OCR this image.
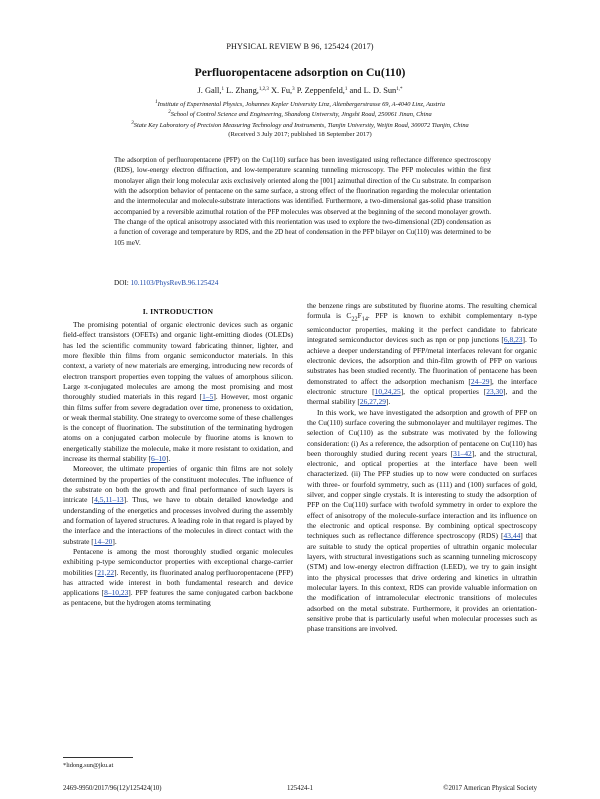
PHYSICAL REVIEW B 96, 125424 (2017)
Perfluoropentacene adsorption on Cu(110)
J. Gall,$^1$ L. Zhang,$^{1,2,3}$ X. Fu,$^3$ P. Zeppenfeld,$^1$ and L. D. Sun$^{1,*}$
$^1$Institute of Experimental Physics, Johannes Kepler University Linz, Altenbergerstrasse 69, A-4040 Linz, Austria
$^2$School of Control Science and Engineering, Shandong University, Jingshi Road, 250061 Jinan, China
$^3$State Key Laboratory of Precision Measuring Technology and Instruments, Tianjin University, Weijin Road, 300072 Tianjin, China
(Received 3 July 2017; published 18 September 2017)
The adsorption of perfluoropentacene (PFP) on the Cu(110) surface has been investigated using reflectance difference spectroscopy (RDS), low-energy electron diffraction, and low-temperature scanning tunneling microscopy. The PFP molecules within the first monolayer align their long molecular axis exclusively oriented along the [001] azimuthal direction of the Cu substrate. In comparison with the adsorption behavior of pentacene on the same surface, a strong effect of the fluorination regarding the molecular orientation and the intermolecular and molecule-substrate interactions was identified. Furthermore, a two-dimensional gas-solid phase transition accompanied by a reversible azimuthal rotation of the PFP molecules was observed at the beginning of the second monolayer growth. The change of the optical anisotropy associated with this reorientation was used to explore the two-dimensional (2D) condensation as a function of coverage and temperature by RDS, and the 2D heat of condensation in the PFP bilayer on Cu(110) was determined to be 105 meV.
DOI: 10.1103/PhysRevB.96.125424
I. INTRODUCTION

The promising potential of organic electronic devices such as organic field-effect transistors (OFETs) and organic light-emitting diodes (OLEDs) has led the scientific community toward fabricating thinner, lighter, and more flexible thin films from organic semiconductor materials. In this context, a variety of new materials are emerging, introducing new records of electron transport properties even topping the values of amorphous silicon. Large π-conjugated molecules are among the most promising and most thoroughly studied materials in this regard [1–5]. However, most organic thin films suffer from severe degradation over time, proneness to oxidation, or weak thermal stability. One strategy to overcome some of these challenges is the concept of fluorination. The substitution of the terminating hydrogen atoms on a conjugated carbon molecule by fluorine atoms is known to energetically stabilize the molecule, make it more resistant to oxidation, and increase its thermal stability [6–10].

Moreover, the ultimate properties of organic thin films are not solely determined by the properties of the constituent molecules. The influence of the substrate on both the growth and final performance of such layers is intricate [4,5,11–13]. Thus, we have to obtain detailed knowledge and understanding of the energetics and processes involved during the assembly and formation of layered structures. A leading role in that regard is played by the interface and the interactions of the molecules in direct contact with the substrate [14–20].

Pentacene is among the most thoroughly studied organic molecules exhibiting p-type semiconductor properties with exceptional charge-carrier mobilities [21,22]. Recently, its fluorinated analog perfluoropentacene (PFP) has attracted wide interest in both fundamental research and device applications [8–10,23]. PFP features the same conjugated carbon backbone as pentacene, but the hydrogen atoms terminating

the benzene rings are substituted by fluorine atoms. The resulting chemical formula is $C_{22}F_{14}$. PFP is known to exhibit complementary n-type semiconductor properties, making it the perfect candidate to fabricate integrated semiconductor devices such as npn or pnp junctions [6,8,23]. To achieve a deeper understanding of PFP/metal interfaces relevant for organic electronic devices, the adsorption and thin-film growth of PFP on various substrates has been studied recently. The fluorination of pentacene has been demonstrated to affect the adsorption mechanism [24–29], the interface electronic structure [10,24,25], the optical properties [23,30], and the thermal stability [26,27,29].

In this work, we have investigated the adsorption and growth of PFP on the Cu(110) surface covering the submonolayer and multilayer regimes. The selection of Cu(110) as the substrate was motivated by the following consideration: (i) As a reference, the adsorption of pentacene on Cu(110) has been thoroughly studied during recent years [31–42], and the structural, electronic, and optical properties at the interface have been well characterized. (ii) The PFP studies up to now were conducted on surfaces with three- or fourfold symmetry, such as (111) and (100) surfaces of gold, silver, and copper single crystals. It is interesting to study the adsorption of PFP on the Cu(110) surface with twofold symmetry in order to explore the effect of anisotropy of the molecule-surface interaction and its influence on the electronic and optical response. By combining optical spectroscopy techniques such as reflectance difference spectroscopy (RDS) [43,44] that are suitable to study the optical properties of ultrathin organic molecular layers, with structural investigations such as scanning tunneling microscopy (STM) and low-energy electron diffraction (LEED), we try to gain insight into the physical processes that drive ordering and kinetics in ultrathin molecular layers. In this context, RDS can provide valuable information on the modification of intramolecular electronic transitions of molecules adsorbed on the metal substrate. Furthermore, it provides an orientation-sensitive probe that is particularly useful when molecular processes such as phase transitions are involved.

*lidong.sun@jku.at
2469-9950/2017/96(12)/125424(10)	125424-1	©2017 American Physical Society
